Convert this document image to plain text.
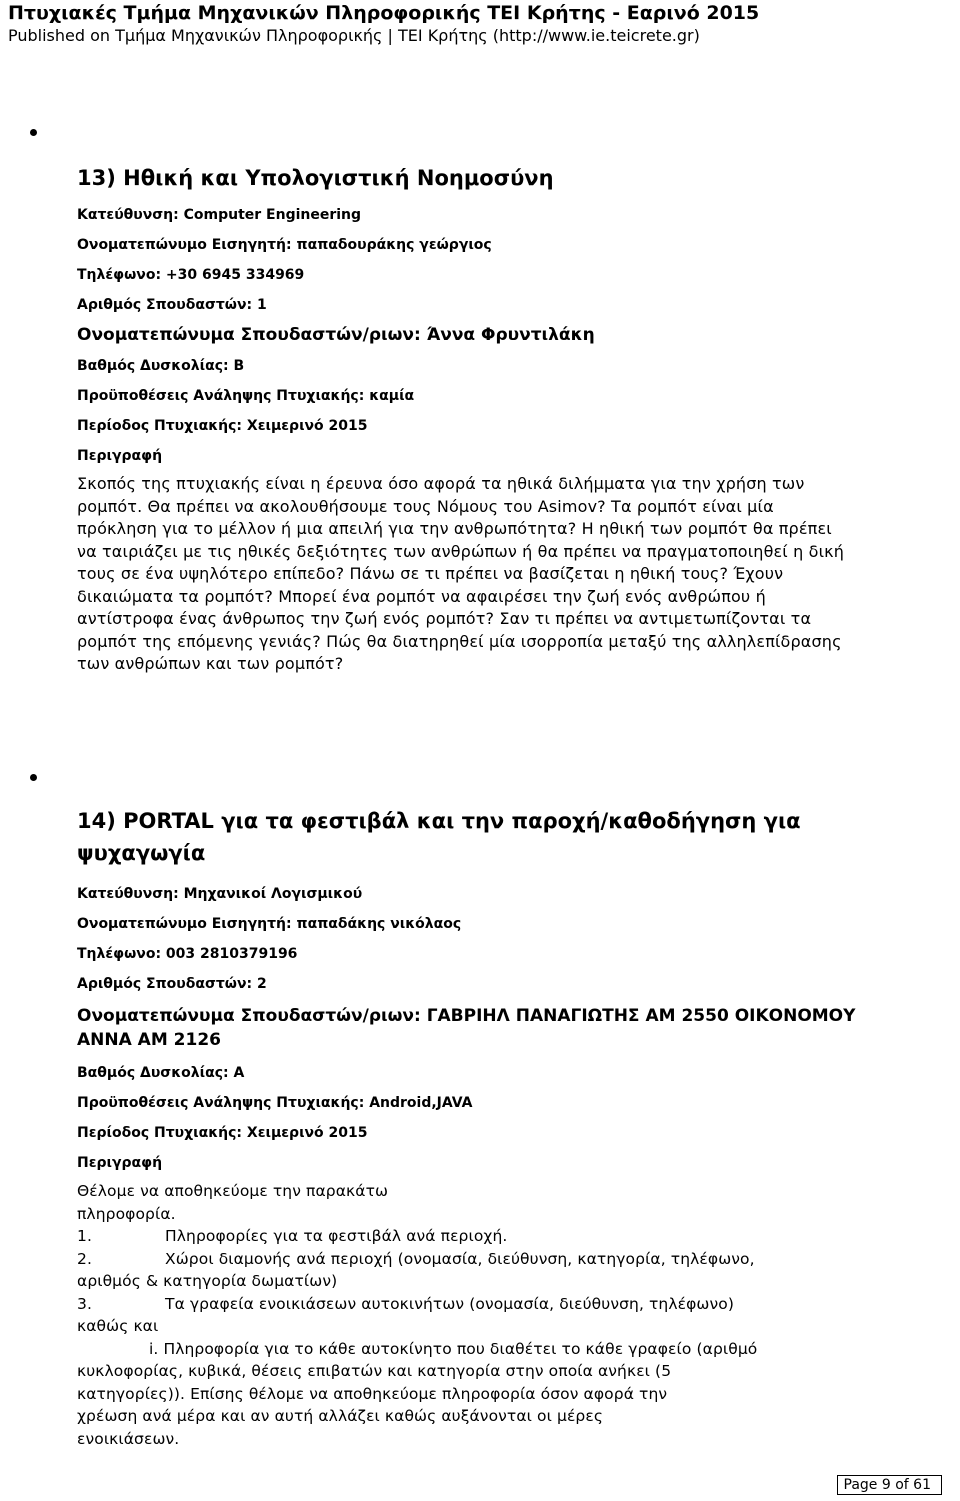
Πτυχιακές Τμήμα Μηχανικών Πληροφορικής ΤΕΙ Κρήτης - Εαρινό 2015
Published on Τμήμα Μηχανικών Πληροφορικής | ΤΕΙ Κρήτης (http://www.ie.teicrete.gr)
13) Ηθική και Υπολογιστική Νοημοσύνη
Κατεύθυνση: Computer Engineering
Ονοματεπώνυμο Εισηγητή: παπαδουράκης γεώργιος
Τηλέφωνο: +30 6945 334969
Αριθμός Σπουδαστών: 1
Ονοματεπώνυμα Σπουδαστών/ριων: Άννα Φρυντιλάκη
Βαθμός Δυσκολίας: Β
Προϋποθέσεις Ανάληψης Πτυχιακής: καμία
Περίοδος Πτυχιακής: Χειμερινό 2015
Περιγραφή
Σκοπός της πτυχιακής είναι η έρευνα όσο αφορά τα ηθικά διλήμματα για την χρήση των
ρομπότ. Θα πρέπει να ακολουθήσουμε τους Νόμους του Asimov? Τα ρομπότ είναι μία
πρόκληση για το μέλλον ή μια απειλή για την ανθρωπότητα? Η ηθική των ρομπότ θα πρέπει
να ταιριάζει με τις ηθικές δεξιότητες των ανθρώπων ή θα πρέπει να πραγματοποιηθεί η δική
τους σε ένα υψηλότερο επίπεδο? Πάνω σε τι πρέπει να βασίζεται η ηθική τους? Έχουν
δικαιώματα τα ρομπότ? Μπορεί ένα ρομπότ να αφαιρέσει την ζωή ενός ανθρώπου ή
αντίστροφα ένας άνθρωπος την ζωή ενός ρομπότ? Σαν τι πρέπει να αντιμετωπίζονται τα
ρομπότ της επόμενης γενιάς? Πώς θα διατηρηθεί μία ισορροπία μεταξύ της αλληλεπίδρασης
των ανθρώπων και των ρομπότ?
14) PORTAL για τα φεστιβάλ και την παροχή/καθοδήγηση για
ψυχαγωγία
Κατεύθυνση: Μηχανικοί Λογισμικού
Ονοματεπώνυμο Εισηγητή: παπαδάκης νικόλαος
Τηλέφωνο: 003 2810379196
Αριθμός Σπουδαστών: 2
Ονοματεπώνυμα Σπουδαστών/ριων: ΓΑΒΡΙΗΛ ΠΑΝΑΓΙΩΤΗΣ ΑΜ 2550 ΟΙΚΟΝΟΜΟΥ
ΑΝΝΑ ΑΜ 2126
Βαθμός Δυσκολίας: Α
Προϋποθέσεις Ανάληψης Πτυχιακής: Android,JAVA
Περίοδος Πτυχιακής: Χειμερινό 2015
Περιγραφή
Θέλομε να αποθηκεύομε την παρακάτω
πληροφορία.
1.	Πληροφορίες για τα φεστιβάλ ανά περιοχή.
2.	Χώροι διαμονής ανά περιοχή (ονομασία, διεύθυνση, κατηγορία, τηλέφωνο,
αριθμός & κατηγορία δωματίων)
3.	Τα γραφεία ενοικιάσεων αυτοκινήτων (ονομασία, διεύθυνση, τηλέφωνο)
καθώς και
i. Πληροφορία για το κάθε αυτοκίνητο που διαθέτει το κάθε γραφείο (αριθμό
κυκλοφορίας, κυβικά, θέσεις επιβατών και κατηγορία στην οποία ανήκει (5
κατηγορίες)). Επίσης θέλομε να αποθηκεύομε πληροφορία όσον αφορά την
χρέωση ανά μέρα και αν αυτή αλλάζει καθώς αυξάνονται οι μέρες
ενοικιάσεων.
Page 9 of 61
